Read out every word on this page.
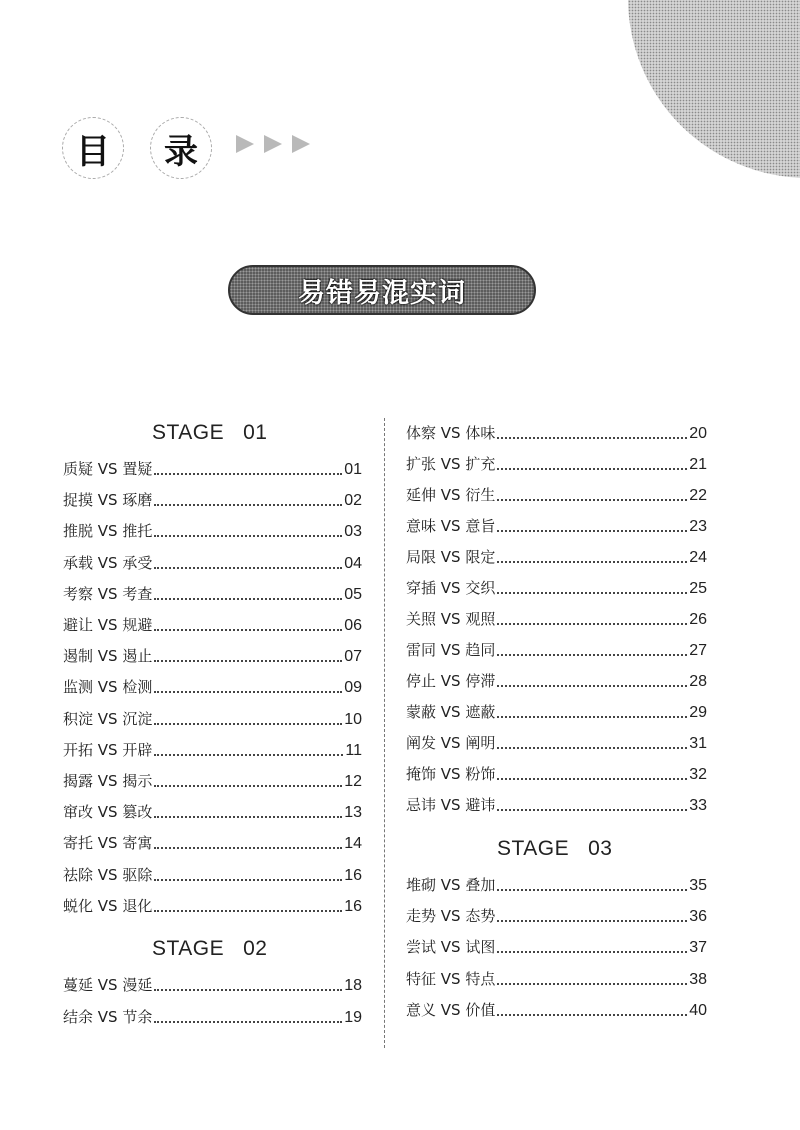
目	录
易错易混实词
STAGE   01
STAGE   02
STAGE   03
质疑 VS 置疑	01
捉摸 VS 琢磨	02
推脱 VS 推托	03
承载 VS 承受	04
考察 VS 考查	05
避让 VS 规避	06
遏制 VS 遏止	07
监测 VS 检测	09
积淀 VS 沉淀	10
开拓 VS 开辟	11
揭露 VS 揭示	12
窜改 VS 篡改	13
寄托 VS 寄寓	14
祛除 VS 驱除	16
蜕化 VS 退化	16
蔓延 VS 漫延	18
结余 VS 节余	19
体察 VS 体味	20
扩张 VS 扩充	21
延伸 VS 衍生	22
意味 VS 意旨	23
局限 VS 限定	24
穿插 VS 交织	25
关照 VS 观照	26
雷同 VS 趋同	27
停止 VS 停滞	28
蒙蔽 VS 遮蔽	29
阐发 VS 阐明	31
掩饰 VS 粉饰	32
忌讳 VS 避讳	33
堆砌 VS 叠加	35
走势 VS 态势	36
尝试 VS 试图	37
特征 VS 特点	38
意义 VS 价值	40
